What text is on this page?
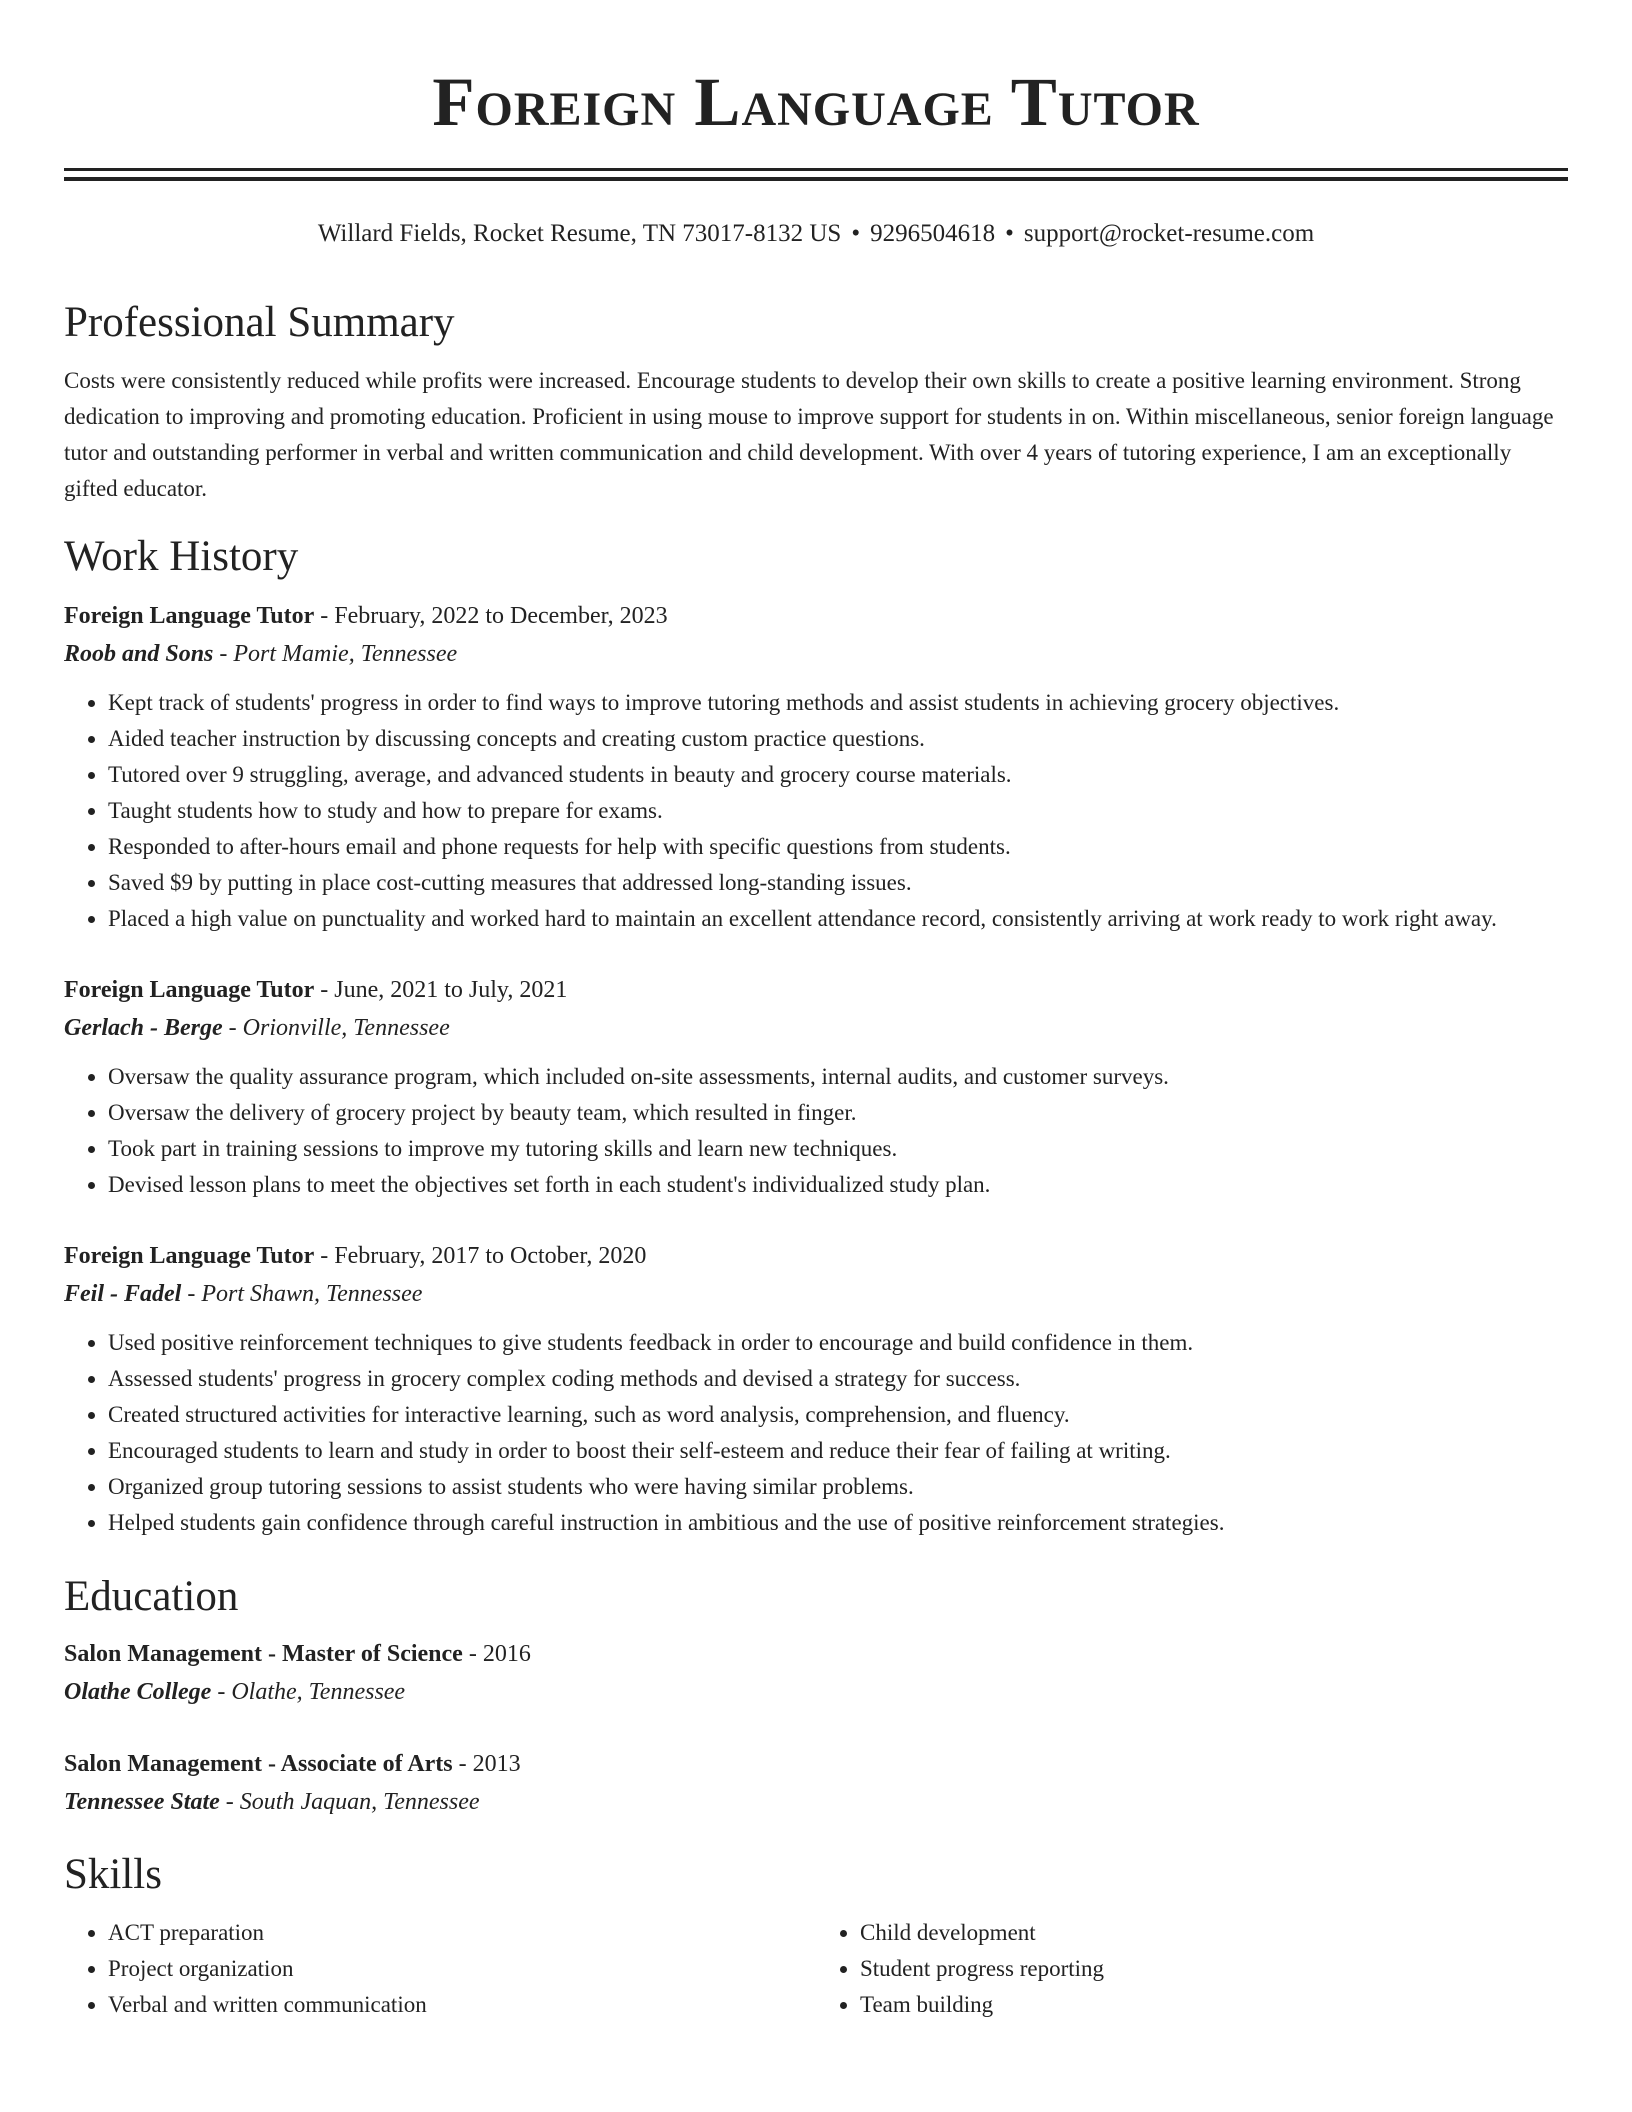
Foreign Language Tutor
Willard Fields, Rocket Resume, TN 73017-8132 US • 9296504618 • support@rocket-resume.com
Professional Summary
Costs were consistently reduced while profits were increased. Encourage students to develop their own skills to create a positive learning environment. Strong dedication to improving and promoting education. Proficient in using mouse to improve support for students in on. Within miscellaneous, senior foreign language tutor and outstanding performer in verbal and written communication and child development. With over 4 years of tutoring experience, I am an exceptionally gifted educator.
Work History
Foreign Language Tutor - February, 2022 to December, 2023
Roob and Sons - Port Mamie, Tennessee
• Kept track of students' progress in order to find ways to improve tutoring methods and assist students in achieving grocery objectives.
• Aided teacher instruction by discussing concepts and creating custom practice questions.
• Tutored over 9 struggling, average, and advanced students in beauty and grocery course materials.
• Taught students how to study and how to prepare for exams.
• Responded to after-hours email and phone requests for help with specific questions from students.
• Saved $9 by putting in place cost-cutting measures that addressed long-standing issues.
• Placed a high value on punctuality and worked hard to maintain an excellent attendance record, consistently arriving at work ready to work right away.
Foreign Language Tutor - June, 2021 to July, 2021
Gerlach - Berge - Orionville, Tennessee
• Oversaw the quality assurance program, which included on-site assessments, internal audits, and customer surveys.
• Oversaw the delivery of grocery project by beauty team, which resulted in finger.
• Took part in training sessions to improve my tutoring skills and learn new techniques.
• Devised lesson plans to meet the objectives set forth in each student's individualized study plan.
Foreign Language Tutor - February, 2017 to October, 2020
Feil - Fadel - Port Shawn, Tennessee
• Used positive reinforcement techniques to give students feedback in order to encourage and build confidence in them.
• Assessed students' progress in grocery complex coding methods and devised a strategy for success.
• Created structured activities for interactive learning, such as word analysis, comprehension, and fluency.
• Encouraged students to learn and study in order to boost their self-esteem and reduce their fear of failing at writing.
• Organized group tutoring sessions to assist students who were having similar problems.
• Helped students gain confidence through careful instruction in ambitious and the use of positive reinforcement strategies.
Education
Salon Management - Master of Science - 2016
Olathe College - Olathe, Tennessee
Salon Management - Associate of Arts - 2013
Tennessee State - South Jaquan, Tennessee
Skills
• ACT preparation
• Project organization
• Verbal and written communication
• Child development
• Student progress reporting
• Team building
